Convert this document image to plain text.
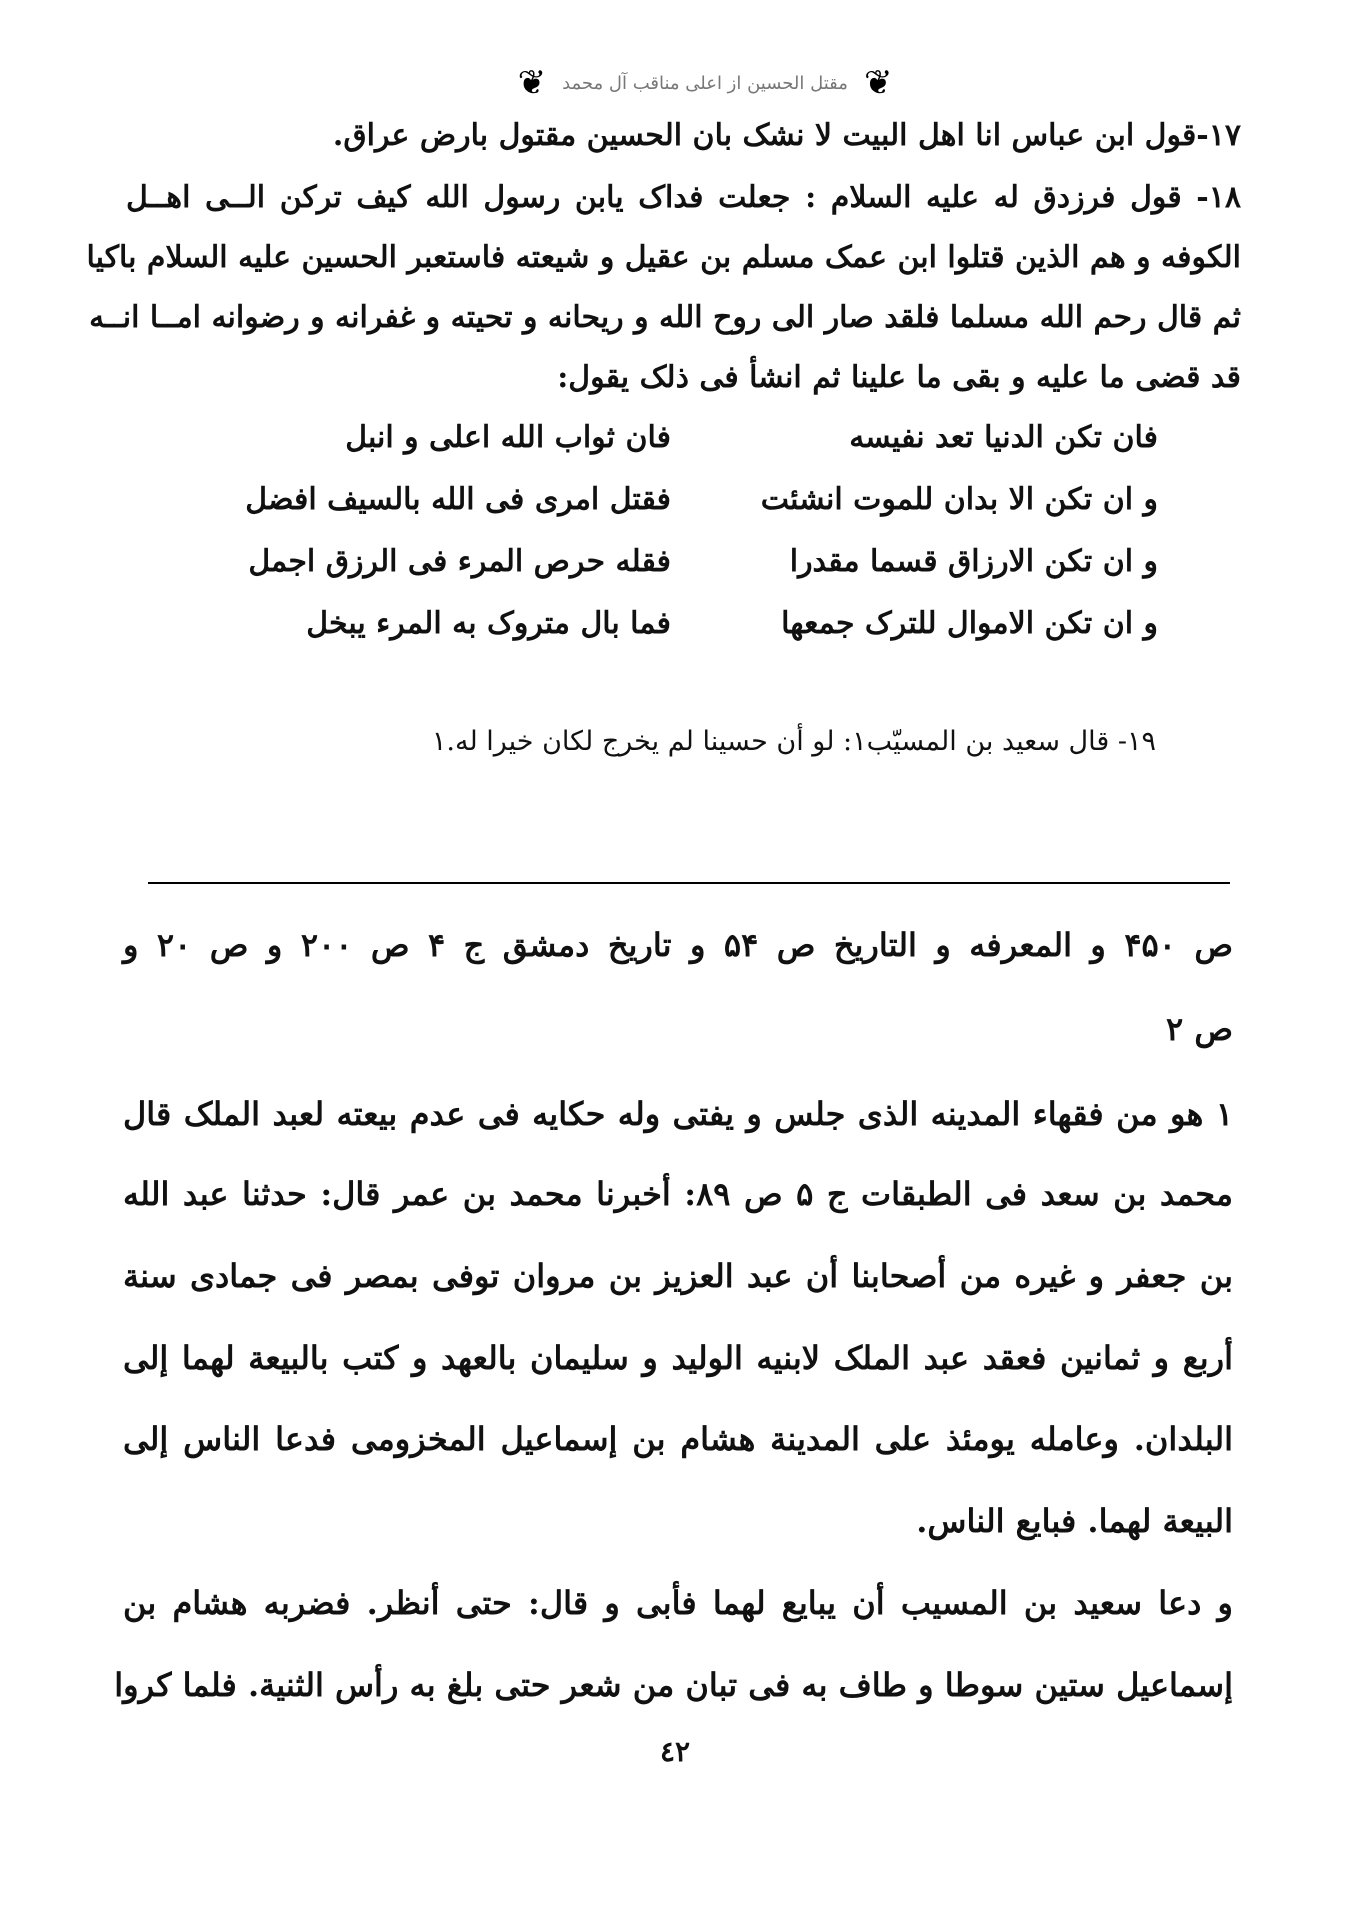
❦
مقتل الحسين از اعلى مناقب آل محمد
❦
١٧-قول ابن عباس انا اهل البيت لا نشک بان الحسين مقتول بارض عراق.
١٨- قول فرزدق له عليه السلام : جعلت فداک يابن رسول الله کيف ترکن الــى اهــل
الکوفه و هم الذين قتلوا ابن عمک مسلم بن عقيل و شيعته فاستعبر الحسين عليه السلام باکيا
ثم قال رحم الله مسلما فلقد صار الى روح الله و ريحانه و تحيته و غفرانه و رضوانه امــا انــه
قد قضى ما عليه و بقى ما علينا ثم انشأ فى ذلک يقول:
فان تکن الدنيا تعد نفيسه
فان ثواب الله اعلى و انبل
و ان تکن الا بدان للموت انشئت
فقتل امرى فى الله بالسيف افضل
و ان تکن الارزاق قسما مقدرا
فقله حرص المرء فى الرزق اجمل
و ان تکن الاموال للترک جمعها
فما بال متروک به المرء يبخل
١٩- قال سعيد بن المسيّب١: لو أن حسينا لم يخرج لکان خيرا له.١
ص ۴۵۰ و المعرفه و التاريخ ص ۵۴ و تاريخ دمشق ج ۴ ص ۲۰۰ و ص ۲۰ و
ص ۲
١ هو من فقهاء المدينه الذى جلس و يفتى وله حکايه فى عدم بيعته لعبد الملک قال
محمد بن سعد فى الطبقات ج ۵ ص ۸۹: أخبرنا محمد بن عمر قال: حدثنا عبد الله
بن جعفر و غيره من أصحابنا أن عبد العزيز بن مروان توفى بمصر فى جمادى سنة
أربع و ثمانين فعقد عبد الملک لابنيه الوليد و سليمان بالعهد و کتب بالبيعة لهما إلى
البلدان. وعامله يومئذ على المدينة هشام بن إسماعيل المخزومى فدعا الناس إلى
البيعة لهما. فبايع الناس.
و دعا سعيد بن المسيب أن يبايع لهما فأبى و قال: حتى أنظر. فضربه هشام بن
إسماعيل ستين سوطا و طاف به فى تبان من شعر حتى بلغ به رأس الثنية. فلما کروا
٤٢
